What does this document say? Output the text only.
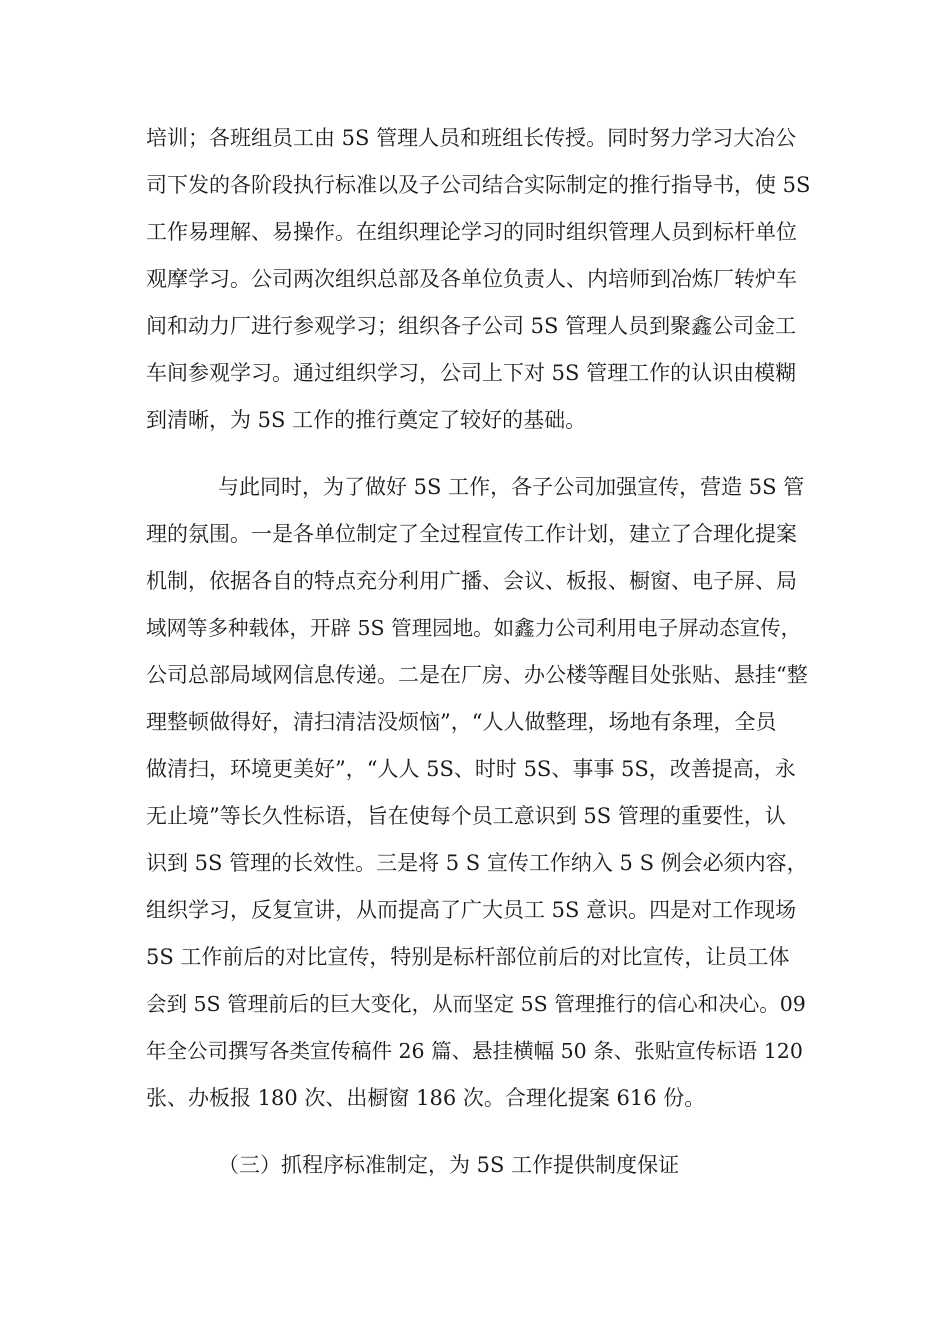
培训；各班组员工由 5S 管理人员和班组长传授。同时努力学习大冶公
司下发的各阶段执行标准以及子公司结合实际制定的推行指导书，使 5S
工作易理解、易操作。在组织理论学习的同时组织管理人员到标杆单位
观摩学习。公司两次组织总部及各单位负责人、内培师到冶炼厂转炉车
间和动力厂进行参观学习；组织各子公司 5S 管理人员到聚鑫公司金工
车间参观学习。通过组织学习，公司上下对 5S 管理工作的认识由模糊
到清晰，为 5S 工作的推行奠定了较好的基础。
与此同时，为了做好 5S 工作，各子公司加强宣传，营造 5S 管
理的氛围。一是各单位制定了全过程宣传工作计划，建立了合理化提案
机制，依据各自的特点充分利用广播、会议、板报、橱窗、电子屏、局
域网等多种载体，开辟 5S 管理园地。如鑫力公司利用电子屏动态宣传，
公司总部局域网信息传递。二是在厂房、办公楼等醒目处张贴、悬挂“整
理整顿做得好，清扫清洁没烦恼”，“人人做整理，场地有条理，全员
做清扫，环境更美好”，“人人 5S、时时 5S、事事 5S，改善提高，永
无止境”等长久性标语，旨在使每个员工意识到 5S 管理的重要性，认
识到 5S 管理的长效性。三是将 5 S 宣传工作纳入 5 S 例会必须内容，
组织学习，反复宣讲，从而提高了广大员工 5S 意识。四是对工作现场
5S 工作前后的对比宣传，特别是标杆部位前后的对比宣传，让员工体
会到 5S 管理前后的巨大变化，从而坚定 5S 管理推行的信心和决心。09
年全公司撰写各类宣传稿件 26 篇、悬挂横幅 50 条、张贴宣传标语 120
张、办板报 180 次、出橱窗 186 次。合理化提案 616 份。
（三）抓程序标准制定，为 5S 工作提供制度保证
